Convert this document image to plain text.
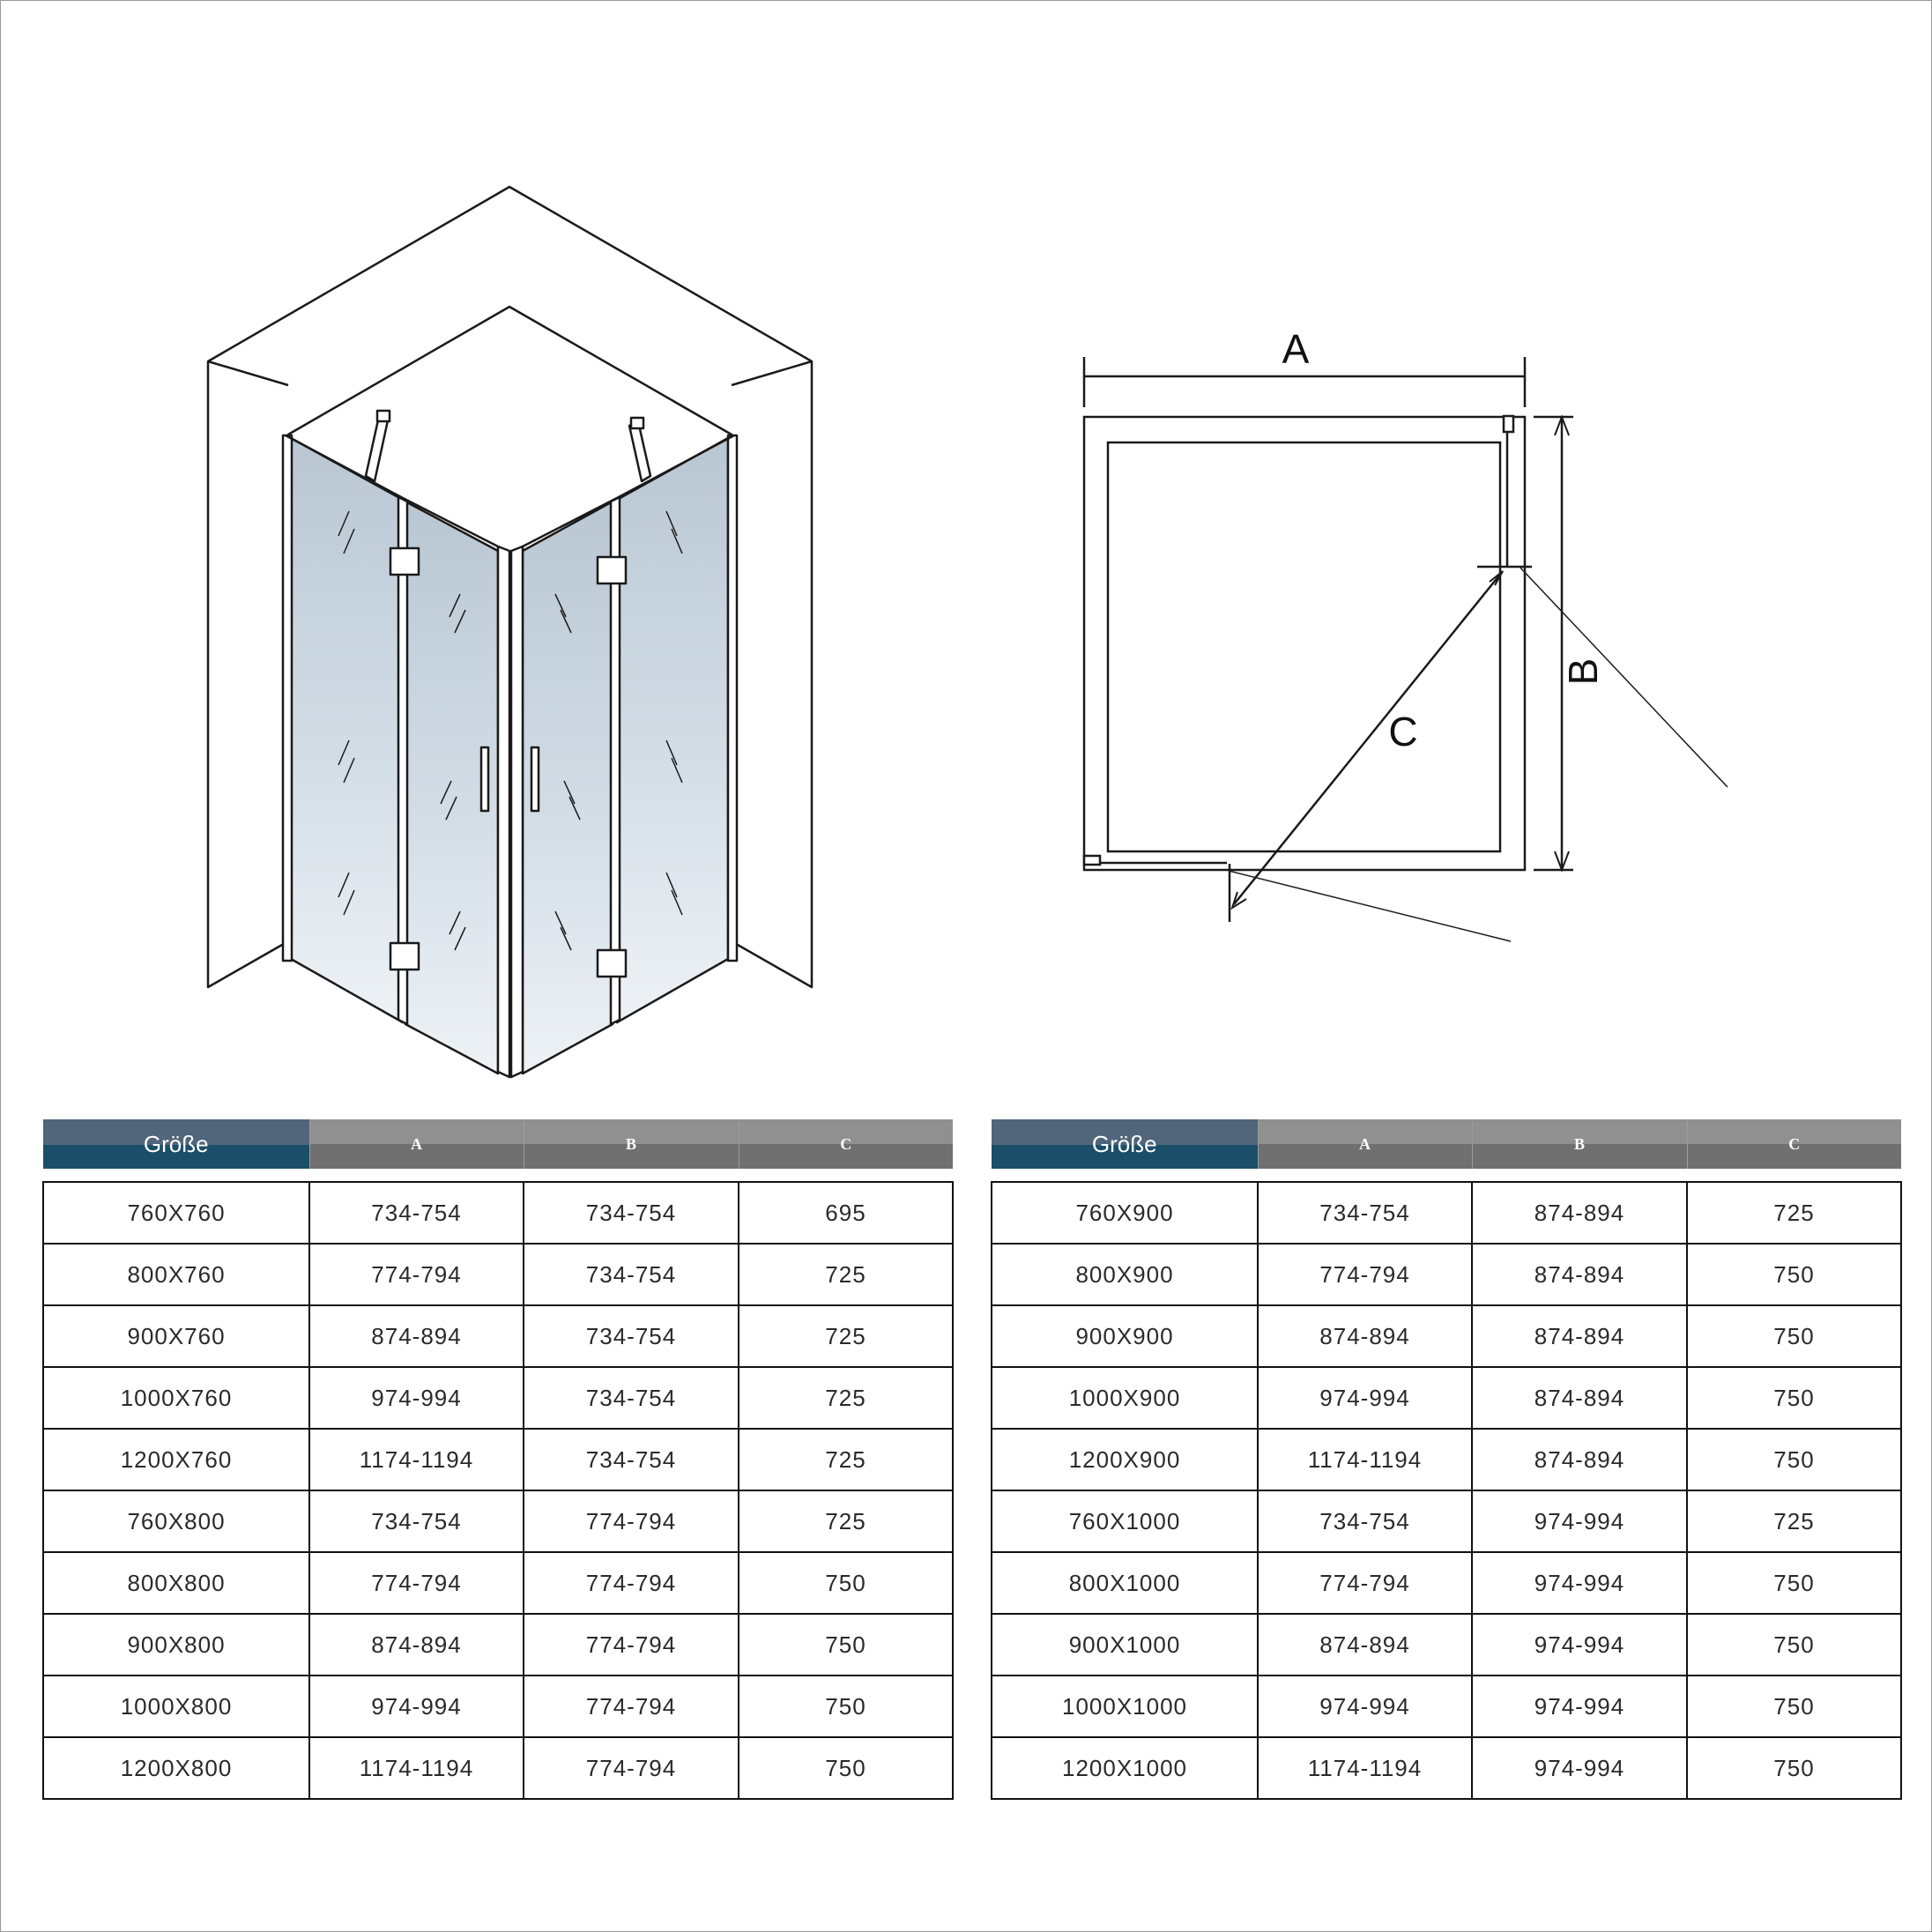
A
C
B
Größe	A	B	C

760X760	734-754	734-754	695
800X760	774-794	734-754	725
900X760	874-894	734-754	725
1000X760	974-994	734-754	725
1200X760	1174-1194	734-754	725
760X800	734-754	774-794	725
800X800	774-794	774-794	750
900X800	874-894	774-794	750
1000X800	974-994	774-794	750
1200X800	1174-1194	774-794	750
Größe	A	B	C

760X900	734-754	874-894	725
800X900	774-794	874-894	750
900X900	874-894	874-894	750
1000X900	974-994	874-894	750
1200X900	1174-1194	874-894	750
760X1000	734-754	974-994	725
800X1000	774-794	974-994	750
900X1000	874-894	974-994	750
1000X1000	974-994	974-994	750
1200X1000	1174-1194	974-994	750
